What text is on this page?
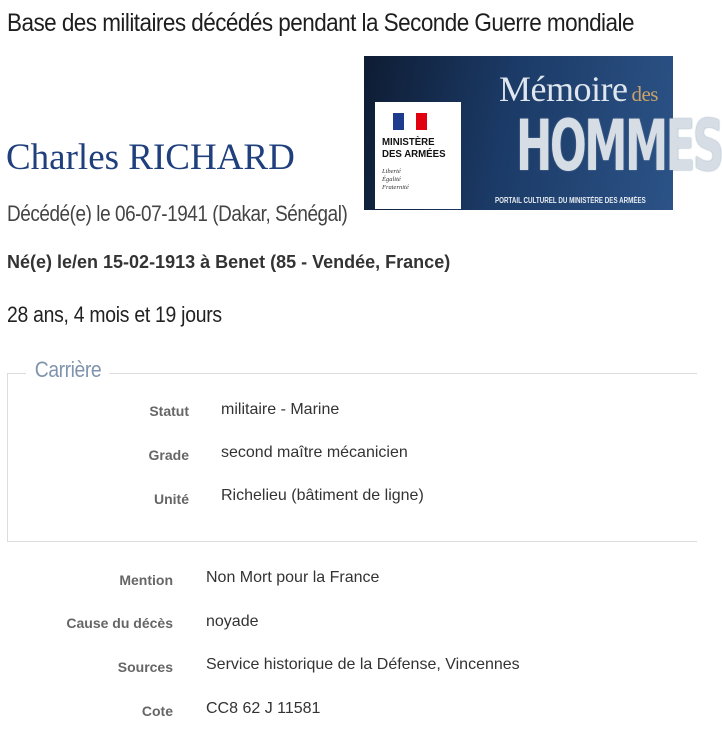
Base des militaires décédés pendant la Seconde Guerre mondiale
MINISTÈRE
DES ARMÉES
Liberté
Égalité
Fraternité
Mémoire des
HOMMES
PORTAIL CULTUREL DU MINISTÈRE DES ARMÉES
Charles RICHARD
Décédé(e) le 06-07-1941 (Dakar, Sénégal)
Né(e) le/en 15-02-1913 à Benet (85 - Vendée, France)
28 ans, 4 mois et 19 jours
Carrière
Statut militaire - Marine
Grade second maître mécanicien
Unité Richelieu (bâtiment de ligne)
Mention Non Mort pour la France
Cause du décès noyade
Sources Service historique de la Défense, Vincennes
Cote CC8 62 J 11581
